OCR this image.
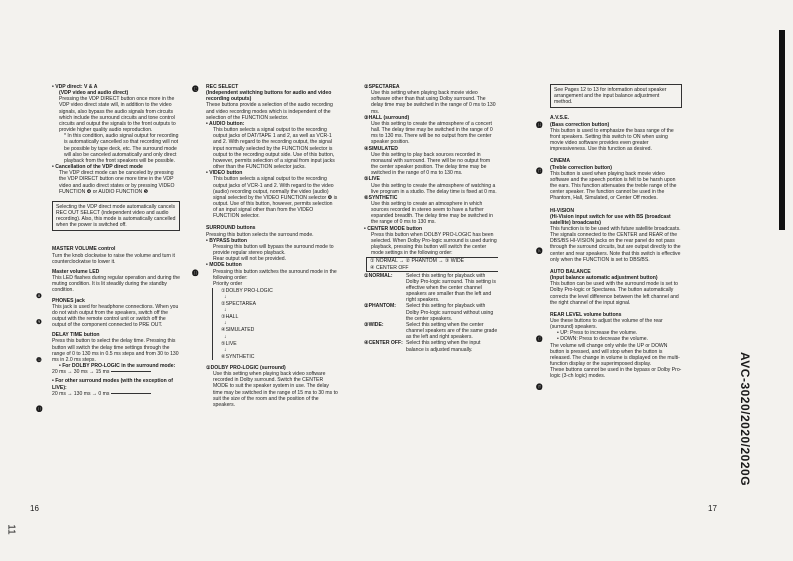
• VDP direct: V & A

(VDP video and audio direct)

Pressing the VDP DIRECT button once more in the VDP video direct state will, in addition to the video signals, also bypass the audio signals from circuits which include the surround circuits and tone control circuits and output the signals to the front outputs to provide higher quality audio reproduction.

* In this condition, audio signal output for recording is automatically cancelled so that recording will not be possible by tape deck, etc. The surround mode will also be canceled automatically and only direct playback from the front speakers will be possible.

• Cancellation of the VDP direct mode

The VDP direct mode can be canceled by pressing the VDP DIRECT button one more time in the VDP video and audio direct states or by pressing VIDEO FUNCTION ❹ or AUDIO FUNCTION ❺

Selecting the VDP direct mode automatically cancels REC OUT SELECT (independent video and audio recording). Also, this mode is automatically cancelled when the power is switched off.

MASTER VOLUME control

Turn the knob clockwise to raise the volume and turn it counterclockwise to lower it.

Master volume LED

This LED flashes during regular operation and during the muting condition. It is lit steadily during the standby condition.

PHONES jack

This jack is used for headphone connections. When you do not wish output from the speakers, switch off the output with the remote control unit or switch off the output of the component connected to PRE OUT.

DELAY TIME button

Press this button to select the delay time. Pressing this button will switch the delay time settings through the range of 0 to 130 ms in 0.5 ms steps and from 30 to 130 ms in 2.0 ms steps.

• For DOLBY PRO-LOGIC in the surround mode:

20 ms → 30 ms → 15 ms

• For other surround modes (with the exception of LIVE):

20 ms → 130 ms → 0 ms

❽
❾
❿
⓫

REC SELECT

(Independent switching buttons for audio and video recording outputs)

These buttons provide a selection of the audio recording and video recording modes which is independent of the selection of the FUNCTION selector.

• AUDIO button:

This button selects a signal output to the recording output jacks of DAT/TAPE 1 and 2, as well as VCR-1 and 2. With regard to the recording output, the signal input normally selected by the FUNCTION selector is output to the recording output side. Use of this button, however, permits selection of a signal from input jacks other than the FUNCTION selector jacks.

• VIDEO button

This button selects a signal output to the recording output jacks of VCR-1 and 2. With regard to the video (audio) recording output, normally the video (audio) signal selected by the VIDEO FUNCTION selector ❹ is output. Use of this button, however, permits selection of an input signal other than from the VIDEO FUNCTION selector.

SURROUND buttons

Pressing this button selects the surround mode.

• BYPASS button

Pressing this button will bypass the surround mode to provide regular stereo playback.

Rear output will not be provided.

• MODE button

Pressing this button switches the surround mode in the following order:

Priority order

①DOLBY PRO-LOGIC

↓

②SPECTAREA

↓

③HALL

↓

④SIMULATED

↓

⑤LIVE

↓

⑥SYNTHETIC

①DOLBY PRO-LOGIC (surround)

Use this setting when playing back video software recorded in Dolby surround. Switch the CENTER MODE to suit the speaker system in use. The delay time may be switched in the range of 15 ms to 30 ms to suit the size of the room and the position of the speakers.

⓬
⓭

②SPECTAREA

Use this setting when playing back movie video software other than that using Dolby surround. The delay time may be switched in the range of 0 ms to 130 ms.

③HALL (surround)

Use this setting to create the atmosphere of a concert hall. The delay time may be switched in the range of 0 ms to 130 ms. There will be no output from the center speaker position.

④SIMULATED

Use this setting to play back sources recorded in monaural with surround. There will be no output from the center speaker position. The delay time may be switched in the range of 0 ms to 130 ms.

⑤LIVE

Use this setting to create the atmosphere of watching a live program in a studio. The delay time is fixed at 0 ms.

⑥SYNTHETIC

Use this setting to create an atmosphere in which sources recorded in stereo seem to have a further expanded breadth. The delay time may be switched in the range of 0 ms to 130 ms.

• CENTER MODE button

Press this button when DOLBY PRO-LOGIC has been selected. When Dolby Pro-logic surround is used during playback, pressing this button will switch the center mode settings in the following order:

① NORMAL → ② PHANTOM → ③ WIDE

④ CENTER OFF

①NORMAL:	Select this setting for playback with Dolby Pro-logic surround. This setting is effective when the center channel speakers are smaller than the left and right speakers.

②PHANTOM:	Select this setting for playback with Dolby Pro-logic surround without using the center speakers.

③WIDE:	Select this setting when the center channel speakers are of the same grade as the left and right speakers.

④CENTER OFF: Select this setting when the input balance is adjusted manually.

See Pages 12 to 13 for information about speaker arrangement and the input balance adjustment method.

A.V.S.E.

(Bass correction button)

This button is used to emphasize the bass range of the front speakers. Setting this switch to ON when using movie video software provides even greater impressiveness. Use this function as desired.

CINEMA

(Treble correction button)

This button is used when playing back movie video software and the speech portion is felt to be harsh upon the ears. This function attenuates the treble range of the center speaker. The function cannot be used in the Phantom, Hall, Simulated, or Center Off modes.

HI-VISION

(Hi-Vision input switch for use with BS (broadcast satellite) broadcasts)

This function is to be used with future satellite broadcasts. The signals connected to the CENTER and REAR of the DBS/BS HI-VISION jacks on the rear panel do not pass through the surround circuits, but are output directly to the center and rear speakers. Note that this switch is effective only when the FUNCTION is set to DBS/BS.

AUTO BALANCE

(Input balance automatic adjustment button)

This button can be used with the surround mode is set to Dolby Pro-logic or Spectarea. The button automatically corrects the level difference between the left channel and the right channel of the input signal.

REAR LEVEL volume buttons

Use these buttons to adjust the volume of the rear (surround) speakers.

• UP: Press to increase the volume.

• DOWN: Press to decrease the volume.

The volume will change only while the UP or DOWN button is pressed, and will stop when the button is released. The change in volume is displayed on the multi-function display or the superimposed display.

These buttons cannot be used in the bypass or Dolby Pro-logic (3-ch logic) modes.

⓮
⓯
⓰
⓱
⓲
16	17
AVC-3020/2020/2020G
11
